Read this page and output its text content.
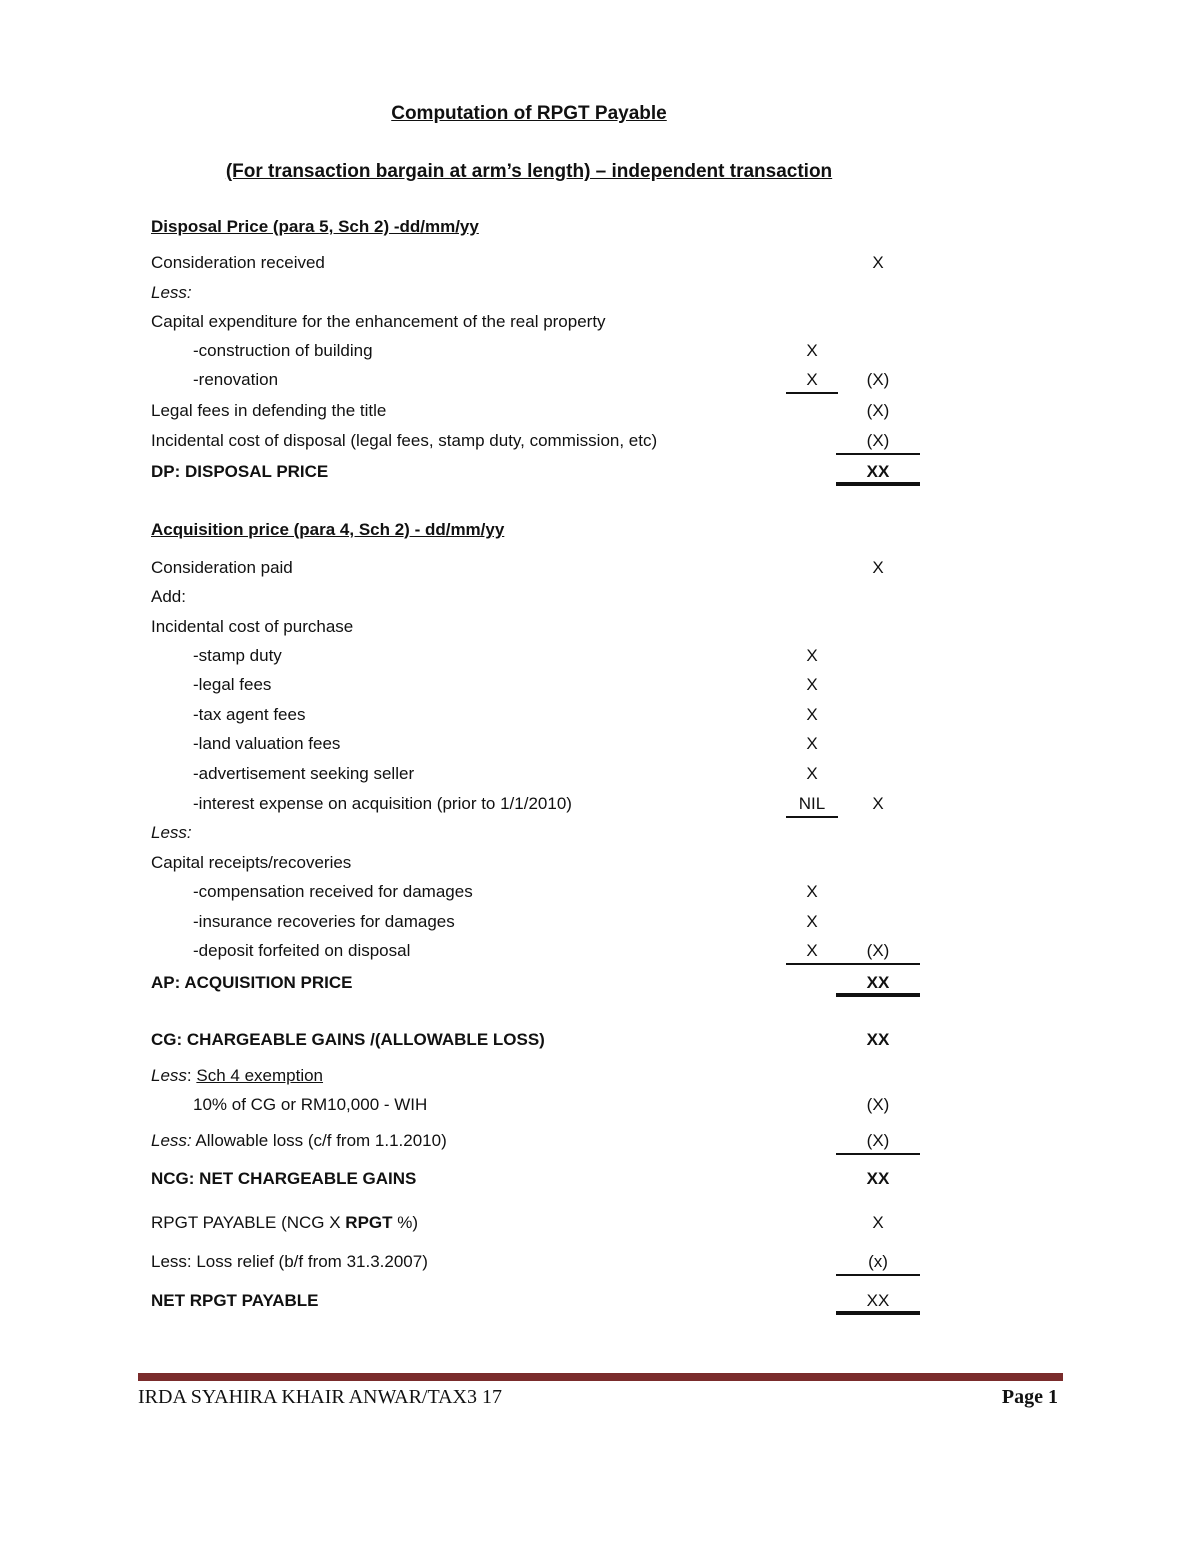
Computation of RPGT Payable
(For transaction bargain at arm’s length) – independent transaction
Disposal Price (para 5, Sch 2) -dd/mm/yy
Consideration received	X
Less:
Capital expenditure for the enhancement of the real property
-construction of building	X
-renovation	X	(X)
Legal fees in defending the title	(X)
Incidental cost of disposal (legal fees, stamp duty, commission, etc)	(X)
DP: DISPOSAL PRICE	XX
Acquisition price (para 4, Sch 2) - dd/mm/yy
Consideration paid	X
Add:
Incidental cost of purchase
-stamp duty	X
-legal fees	X
-tax agent fees	X
-land valuation fees	X
-advertisement seeking seller	X
-interest expense on acquisition (prior to 1/1/2010)	NIL	X
Less:
Capital receipts/recoveries
-compensation received for damages	X
-insurance recoveries for damages	X
-deposit forfeited on disposal	X	(X)
AP: ACQUISITION PRICE	XX
CG: CHARGEABLE GAINS /(ALLOWABLE LOSS)	XX
Less: Sch 4 exemption
10% of CG or RM10,000 - WIH	(X)
Less: Allowable loss (c/f from 1.1.2010)	(X)
NCG: NET CHARGEABLE GAINS	XX
RPGT PAYABLE (NCG X RPGT %)	X
Less: Loss relief (b/f from 31.3.2007)	(x)
NET RPGT PAYABLE	XX
IRDA SYAHIRA KHAIR ANWAR/TAX3 17	Page 1
